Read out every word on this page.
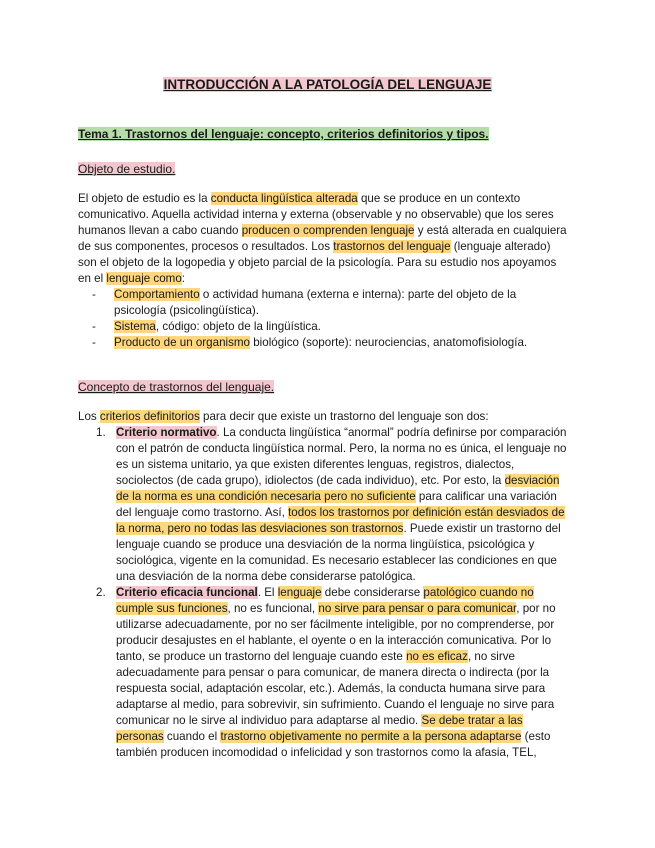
INTRODUCCIÓN A LA PATOLOGÍA DEL LENGUAJE
Tema 1. Trastornos del lenguaje: concepto, criterios definitorios y tipos.
Objeto de estudio.
El objeto de estudio es la conducta lingüística alterada que se produce en un contexto
comunicativo. Aquella actividad interna y externa (observable y no observable) que los seres
humanos llevan a cabo cuando producen o comprenden lenguaje y está alterada en cualquiera
de sus componentes, procesos o resultados. Los trastornos del lenguaje (lenguaje alterado)
son el objeto de la logopedia y objeto parcial de la psicología. Para su estudio nos apoyamos
en el lenguaje como:
- Comportamiento o actividad humana (externa e interna): parte del objeto de la
psicología (psicolingüística).
- Sistema, código: objeto de la lingüística.
- Producto de un organismo biológico (soporte): neurociencias, anatomofisiología.
Concepto de trastornos del lenguaje.
Los criterios definitorios para decir que existe un trastorno del lenguaje son dos:
1. Criterio normativo. La conducta lingüística “anormal” podría definirse por comparación
con el patrón de conducta lingüística normal. Pero, la norma no es única, el lenguaje no
es un sistema unitario, ya que existen diferentes lenguas, registros, dialectos,
sociolectos (de cada grupo), idiolectos (de cada individuo), etc. Por esto, la desviación
de la norma es una condición necesaria pero no suficiente para calificar una variación
del lenguaje como trastorno. Así, todos los trastornos por definición están desviados de
la norma, pero no todas las desviaciones son trastornos. Puede existir un trastorno del
lenguaje cuando se produce una desviación de la norma lingüística, psicológica y
sociológica, vigente en la comunidad. Es necesario establecer las condiciones en que
una desviación de la norma debe considerarse patológica.
2. Criterio eficacia funcional. El lenguaje debe considerarse patológico cuando no
cumple sus funciones, no es funcional, no sirve para pensar o para comunicar, por no
utilizarse adecuadamente, por no ser fácilmente inteligible, por no comprenderse, por
producir desajustes en el hablante, el oyente o en la interacción comunicativa. Por lo
tanto, se produce un trastorno del lenguaje cuando este no es eficaz, no sirve
adecuadamente para pensar o para comunicar, de manera directa o indirecta (por la
respuesta social, adaptación escolar, etc.). Además, la conducta humana sirve para
adaptarse al medio, para sobrevivir, sin sufrimiento. Cuando el lenguaje no sirve para
comunicar no le sirve al individuo para adaptarse al medio. Se debe tratar a las
personas cuando el trastorno objetivamente no permite a la persona adaptarse (esto
también producen incomodidad o infelicidad y son trastornos como la afasia, TEL,
